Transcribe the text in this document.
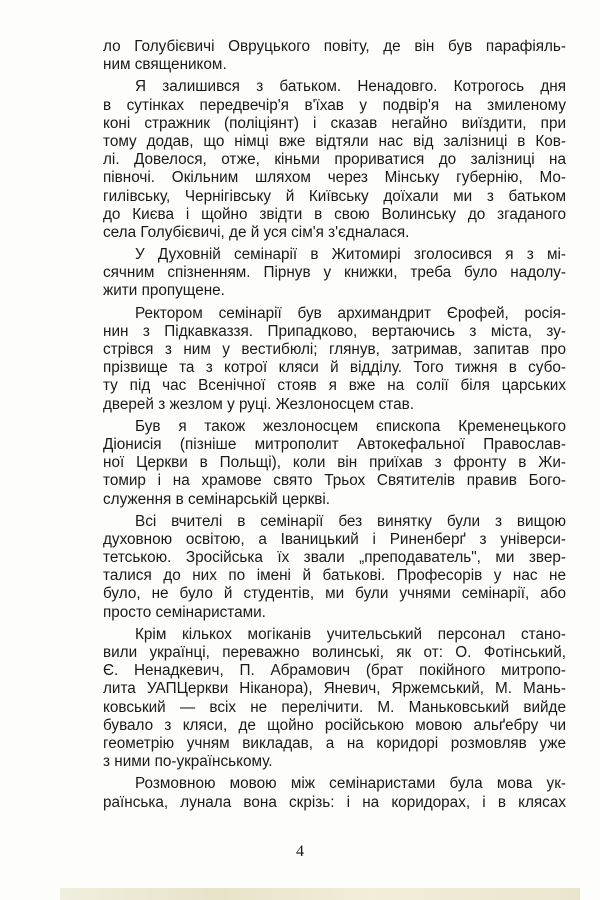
ло Голубієвичі Овруцького повіту, де він був парафіяль-
ним священиком.
Я залишився з батьком. Ненадовго. Котрогось дня
в сутінках передвечір'я в'їхав у подвір'я на змиленому
коні стражник (поліціянт) і сказав негайно виїздити, при
тому додав, що німці вже відтяли нас від залізниці в Ков-
лі. Довелося, отже, кіньми прориватися до залізниці на
півночі. Окільним шляхом через Мінську губернію, Мо-
гилівську, Чернігівську й Київську доїхали ми з батьком
до Києва і щойно звідти в свою Волинську до згаданого
села Голубієвичі, де й уся сім'я з'єдналася.
У Духовній семінарії в Житомирі зголосився я з мі-
сячним спізненням. Пірнув у книжки, треба було надолу-
жити пропущене.
Ректором семінарії був архимандрит Єрофей, росія-
нин з Підкавказзя. Припадково, вертаючись з міста, зу-
стрівся з ним у вестибюлі; глянув, затримав, запитав про
прізвище та з котрої кляси й відділу. Того тижня в субо-
ту під час Всенічної стояв я вже на солії біля царських
дверей з жезлом у руці. Жезлоносцем став.
Був я також жезлоносцем єпископа Кременецького
Діонисія (пізніше митрополит Автокефальної Православ-
ної Церкви в Польщі), коли він приїхав з фронту в Жи-
томир і на храмове свято Трьох Святителів правив Бого-
служення в семінарській церкві.
Всі вчителі в семінарії без винятку були з вищою
духовною освітою, а Іваницький і Риненберґ з універси-
тетською. Зросійська їх звали „преподаватель", ми звер-
талися до них по імені й батькові. Професорів у нас не
було, не було й студентів, ми були учнями семінарії, або
просто семінаристами.
Крім кількох могіканів учительський персонал стано-
вили українці, переважно волинські, як от: О. Фотінський,
Є. Ненадкевич, П. Абрамович (брат покійного митропо-
лита УАПЦеркви Ніканора), Яневич, Яржемський, М. Мань-
ковський — всіх не перелічити. М. Маньковський вийде
бувало з кляси, де щойно російською мовою альґебру чи
геометрію учням викладав, а на коридорі розмовляв уже
з ними по-українському.
Розмовною мовою між семінаристами була мова ук-
раїнська, лунала вона скрізь: і на коридорах, і в клясах
4
